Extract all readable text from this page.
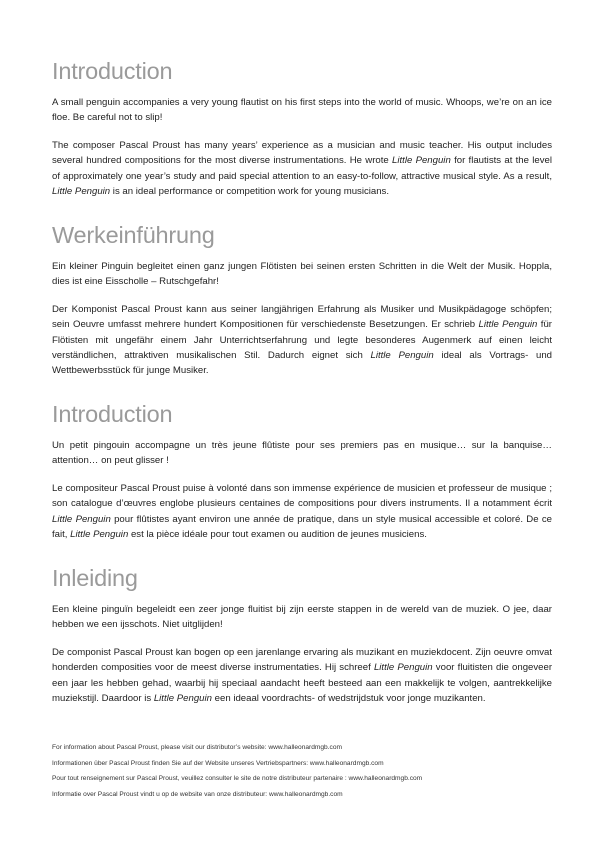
Introduction

A small penguin accompanies a very young flautist on his first steps into the world of music. Whoops, we’re on an ice floe. Be careful not to slip!

The composer Pascal Proust has many years’ experience as a musician and music teacher. His output includes several hundred compositions for the most diverse instrumentations. He wrote Little Penguin for flautists at the level of approximately one year’s study and paid special attention to an easy-to-follow, attractive musical style. As a result, Little Penguin is an ideal performance or competition work for young musicians.

Werkeinführung

Ein kleiner Pinguin begleitet einen ganz jungen Flötisten bei seinen ersten Schritten in die Welt der Musik. Hoppla, dies ist eine Eisscholle – Rutschgefahr!

Der Komponist Pascal Proust kann aus seiner langjährigen Erfahrung als Musiker und Musikpädagoge schöpfen; sein Oeuvre umfasst mehrere hundert Kompositionen für verschiedenste Besetzungen. Er schrieb Little Penguin für Flötisten mit ungefähr einem Jahr Unterrichtserfahrung und legte besonderes Augenmerk auf einen leicht verständlichen, attraktiven musikalischen Stil. Dadurch eignet sich Little Penguin ideal als Vortrags- und Wettbewerbsstück für junge Musiker.

Introduction

Un petit pingouin accompagne un très jeune flûtiste pour ses premiers pas en musique… sur la banquise… attention… on peut glisser !

Le compositeur Pascal Proust puise à volonté dans son immense expérience de musicien et professeur de musique ; son catalogue d’œuvres englobe plusieurs centaines de compositions pour divers instruments. Il a notamment écrit Little Penguin pour flûtistes ayant environ une année de pratique, dans un style musical accessible et coloré. De ce fait, Little Penguin est la pièce idéale pour tout examen ou audition de jeunes musiciens.

Inleiding

Een kleine pinguïn begeleidt een zeer jonge fluitist bij zijn eerste stappen in de wereld van de muziek. O jee, daar hebben we een ijsschots. Niet uitglijden!

De componist Pascal Proust kan bogen op een jarenlange ervaring als muzikant en muziekdocent. Zijn oeuvre omvat honderden composities voor de meest diverse instrumentaties. Hij schreef Little Penguin voor fluitisten die ongeveer een jaar les hebben gehad, waarbij hij speciaal aandacht heeft besteed aan een makkelijk te volgen, aantrekkelijke muziekstijl. Daardoor is Little Penguin een ideaal voordrachts- of wedstrijdstuk voor jonge muzikanten.

For information about Pascal Proust, please visit our distributor’s website: www.halleonardmgb.com
Informationen über Pascal Proust finden Sie auf der Website unseres Vertriebspartners: www.halleonardmgb.com
Pour tout renseignement sur Pascal Proust, veuillez consulter le site de notre distributeur partenaire : www.halleonardmgb.com
Informatie over Pascal Proust vindt u op de website van onze distributeur: www.halleonardmgb.com
